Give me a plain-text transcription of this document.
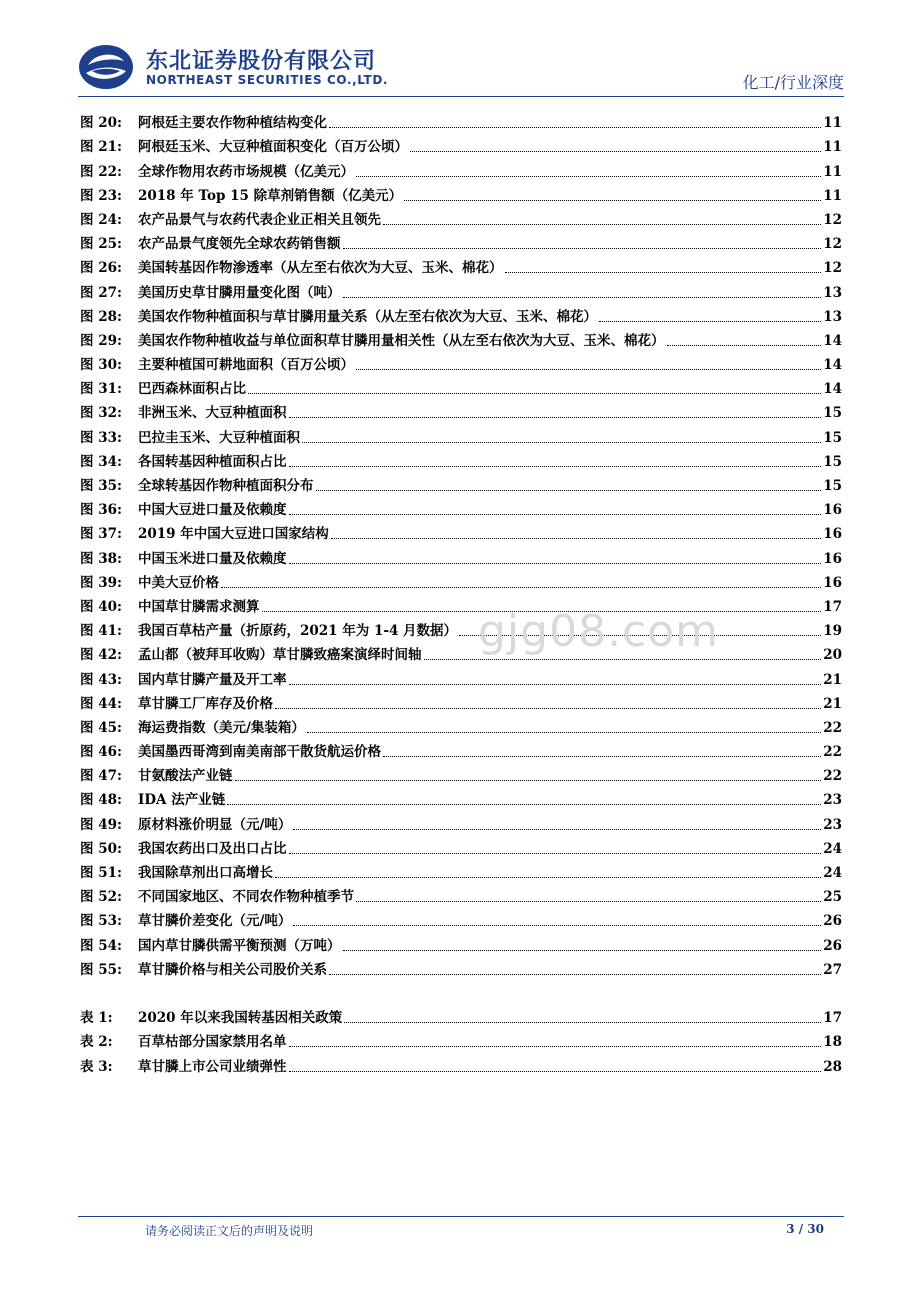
东北证券股份有限公司
NORTHEAST SECURITIES CO.,LTD.	化工/行业深度
图 20:	阿根廷主要农作物种植结构变化	11
图 21:	阿根廷玉米、大豆种植面积变化（百万公顷）	11
图 22:	全球作物用农药市场规模（亿美元）	11
图 23:	2018 年 Top 15 除草剂销售额（亿美元）	11
图 24:	农产品景气与农药代表企业正相关且领先	12
图 25:	农产品景气度领先全球农药销售额	12
图 26:	美国转基因作物渗透率（从左至右依次为大豆、玉米、棉花）	12
图 27:	美国历史草甘膦用量变化图（吨）	13
图 28:	美国农作物种植面积与草甘膦用量关系（从左至右依次为大豆、玉米、棉花）	13
图 29:	美国农作物种植收益与单位面积草甘膦用量相关性（从左至右依次为大豆、玉米、棉花）	14
图 30:	主要种植国可耕地面积（百万公顷）	14
图 31:	巴西森林面积占比	14
图 32:	非洲玉米、大豆种植面积	15
图 33:	巴拉圭玉米、大豆种植面积	15
图 34:	各国转基因种植面积占比	15
图 35:	全球转基因作物种植面积分布	15
图 36:	中国大豆进口量及依赖度	16
图 37:	2019 年中国大豆进口国家结构	16
图 38:	中国玉米进口量及依赖度	16
图 39:	中美大豆价格	16
图 40:	中国草甘膦需求测算	17
图 41:	我国百草枯产量（折原药，2021 年为 1-4 月数据）	19
图 42:	孟山都（被拜耳收购）草甘膦致癌案演绎时间轴	20
图 43:	国内草甘膦产量及开工率	21
图 44:	草甘膦工厂库存及价格	21
图 45:	海运费指数（美元/集装箱）	22
图 46:	美国墨西哥湾到南美南部干散货航运价格	22
图 47:	甘氨酸法产业链	22
图 48:	IDA 法产业链	23
图 49:	原材料涨价明显（元/吨）	23
图 50:	我国农药出口及出口占比	24
图 51:	我国除草剂出口高增长	24
图 52:	不同国家地区、不同农作物种植季节	25
图 53:	草甘膦价差变化（元/吨）	26
图 54:	国内草甘膦供需平衡预测（万吨）	26
图 55:	草甘膦价格与相关公司股价关系	27
表 1:	2020 年以来我国转基因相关政策	17
表 2:	百草枯部分国家禁用名单	18
表 3:	草甘膦上市公司业绩弹性	28
gjg08.com
请务必阅读正文后的声明及说明	3 / 30
